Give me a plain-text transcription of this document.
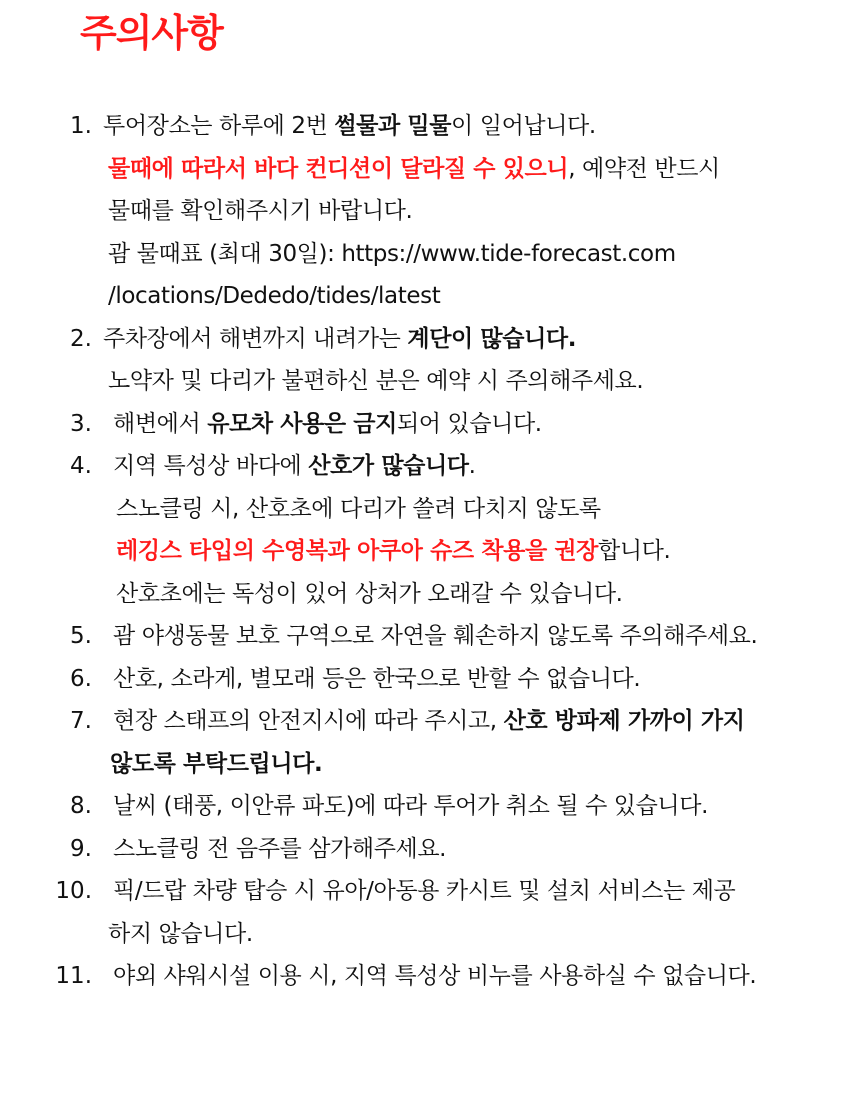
주의사항
1. 투어장소는 하루에 2번 썰물과 밀물이 일어납니다.
물때에 따라서 바다 컨디션이 달라질 수 있으니, 예약전 반드시
물때를 확인해주시기 바랍니다.
괌 물때표 (최대 30일): https://www.tide-forecast.com
/locations/Dededo/tides/latest
2. 주차장에서 해변까지 내려가는 계단이 많습니다.
노약자 및 다리가 불편하신 분은 예약 시 주의해주세요.
3. 해변에서 유모차 사용은 금지되어 있습니다.
4. 지역 특성상 바다에 산호가 많습니다.
스노클링 시, 산호초에 다리가 쓸려 다치지 않도록
레깅스 타입의 수영복과 아쿠아 슈즈 착용을 권장합니다.
산호초에는 독성이 있어 상처가 오래갈 수 있습니다.
5. 괌 야생동물 보호 구역으로 자연을 훼손하지 않도록 주의해주세요.
6. 산호, 소라게, 별모래 등은 한국으로 반할 수 없습니다.
7. 현장 스태프의 안전지시에 따라 주시고, 산호 방파제 가까이 가지
않도록 부탁드립니다.
8. 날씨 (태풍, 이안류 파도)에 따라 투어가 취소 될 수 있습니다.
9. 스노클링 전 음주를 삼가해주세요.
10. 픽/드랍 차량 탑승 시 유아/아동용 카시트 및 설치 서비스는 제공
하지 않습니다.
11. 야외 샤워시설 이용 시, 지역 특성상 비누를 사용하실 수 없습니다.
